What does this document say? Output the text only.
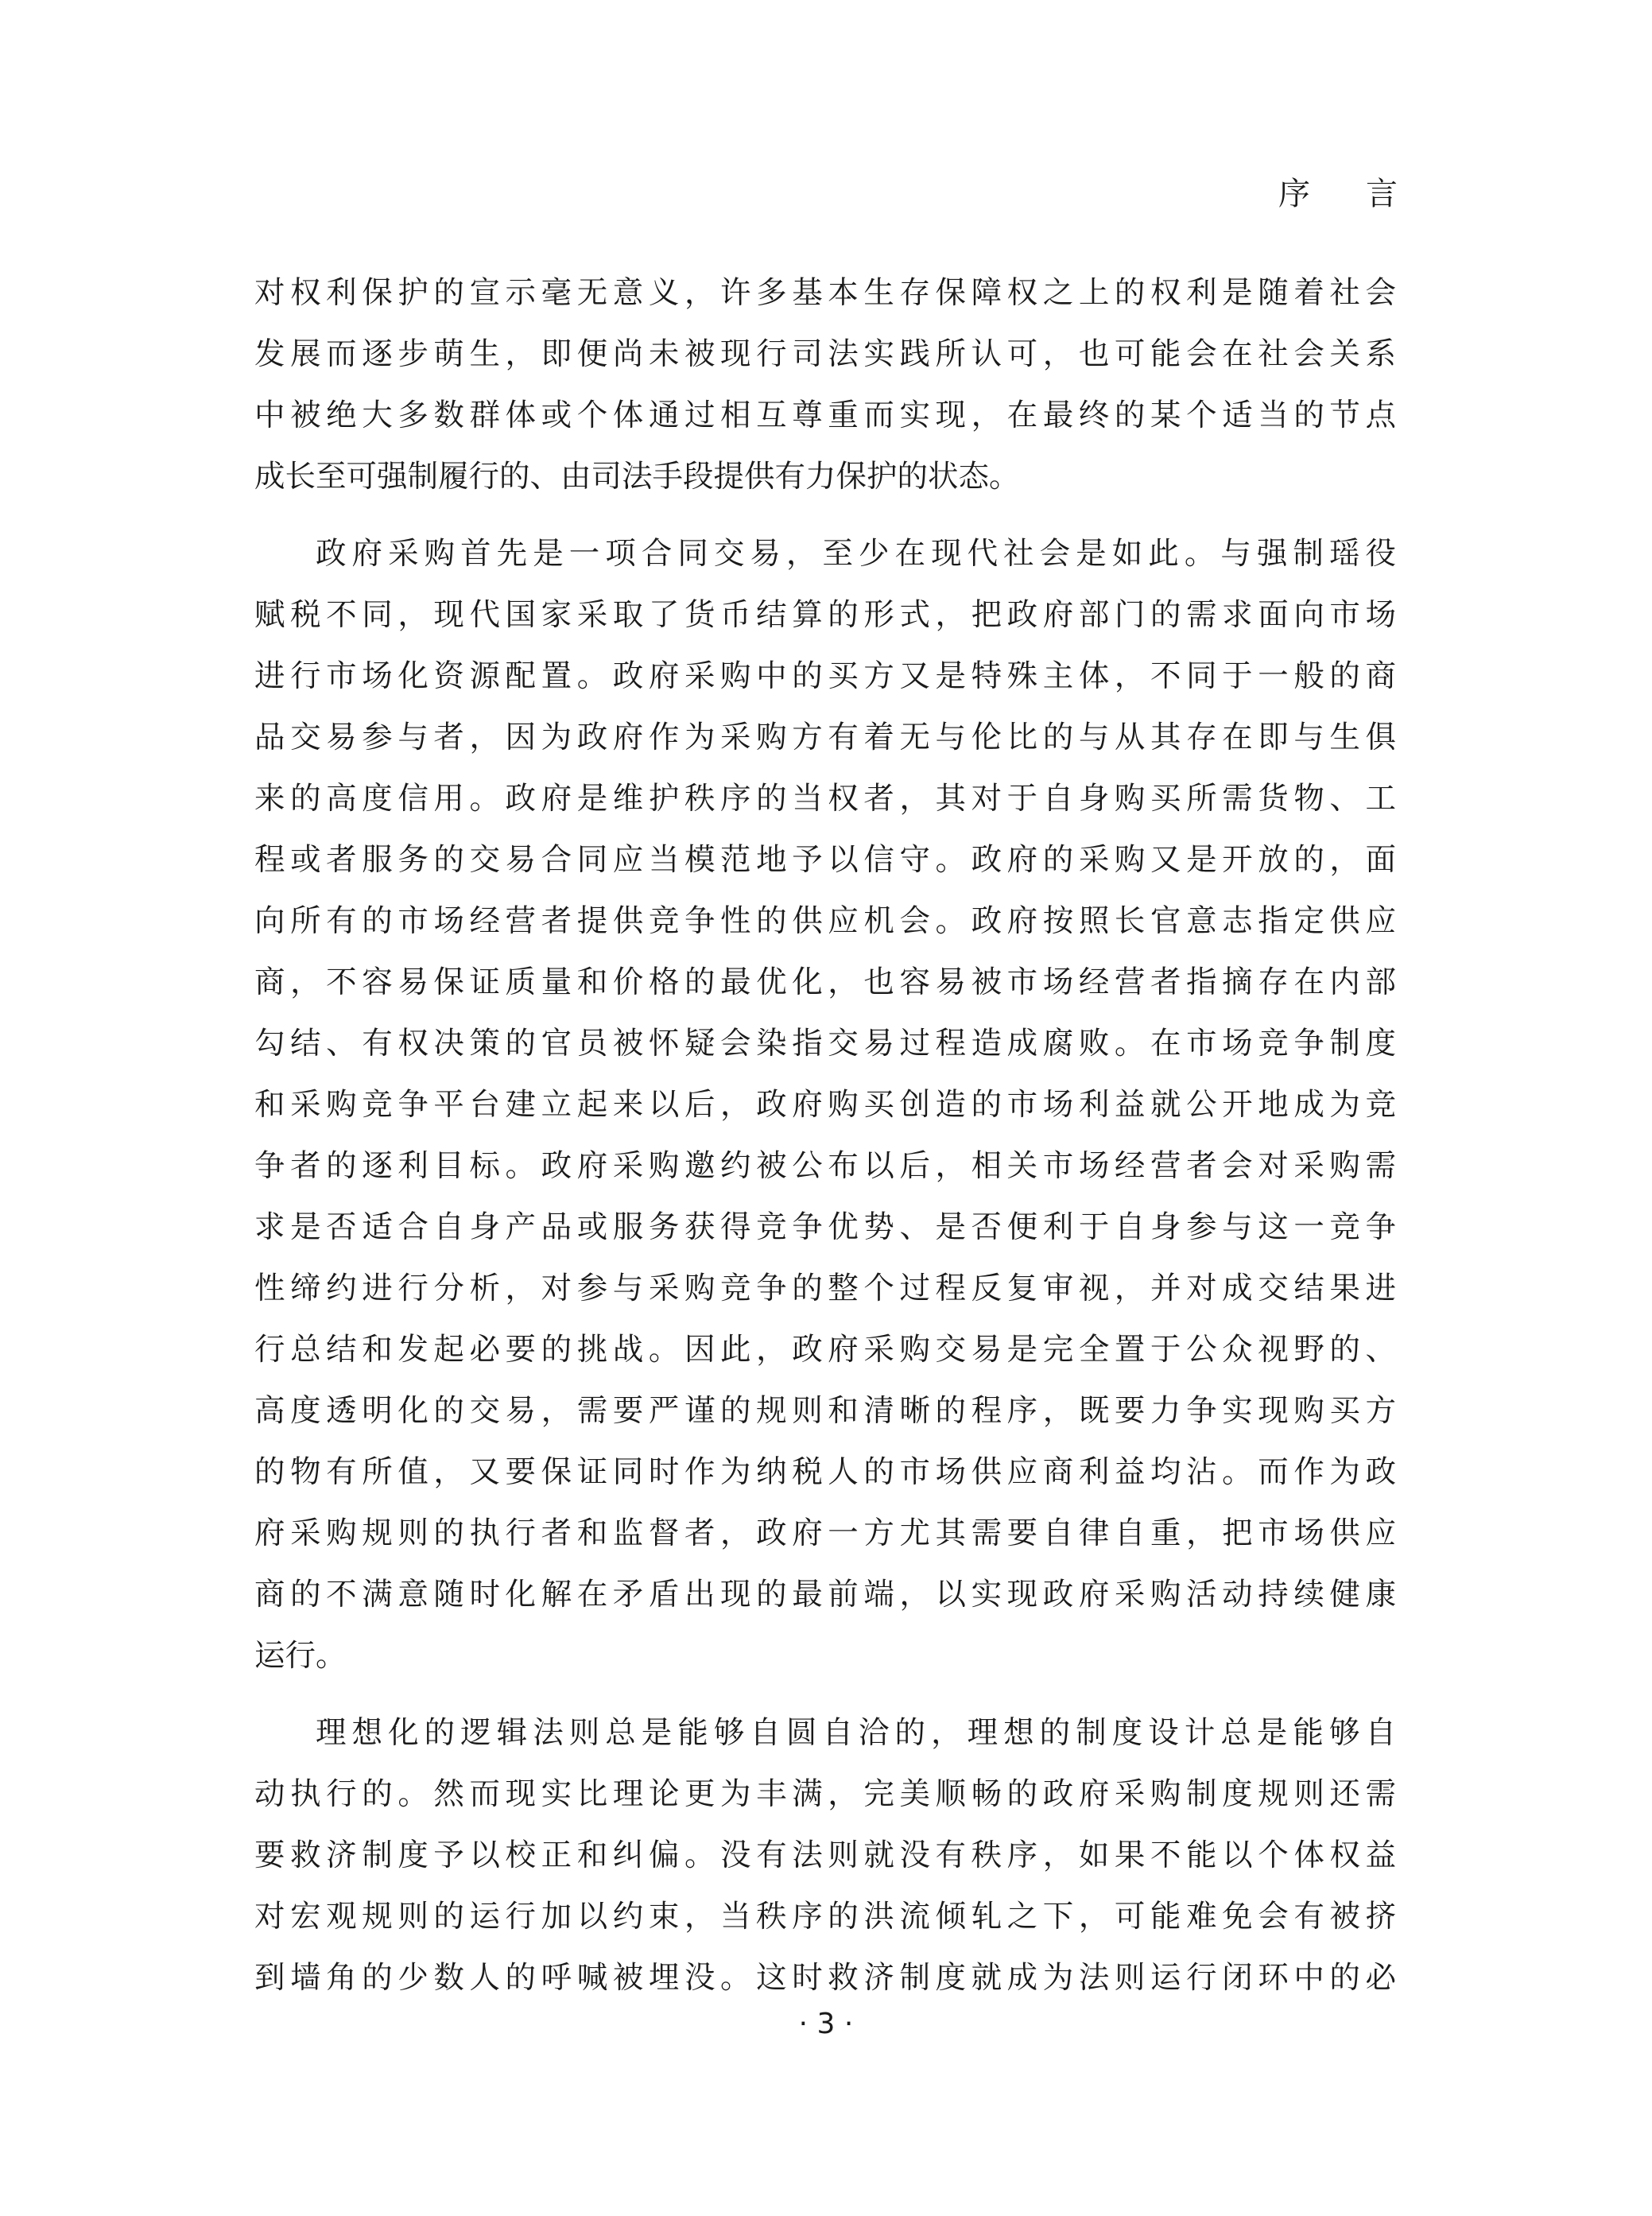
序 言
对权利保护的宣示毫无意义，许多基本生存保障权之上的权利是随着社会
发展而逐步萌生，即便尚未被现行司法实践所认可，也可能会在社会关系
中被绝大多数群体或个体通过相互尊重而实现，在最终的某个适当的节点
成长至可强制履行的、由司法手段提供有力保护的状态。
政府采购首先是一项合同交易，至少在现代社会是如此。与强制瑶役
赋税不同，现代国家采取了货币结算的形式，把政府部门的需求面向市场
进行市场化资源配置。政府采购中的买方又是特殊主体，不同于一般的商
品交易参与者，因为政府作为采购方有着无与伦比的与从其存在即与生俱
来的高度信用。政府是维护秩序的当权者，其对于自身购买所需货物、工
程或者服务的交易合同应当模范地予以信守。政府的采购又是开放的，面
向所有的市场经营者提供竞争性的供应机会。政府按照长官意志指定供应
商，不容易保证质量和价格的最优化，也容易被市场经营者指摘存在内部
勾结、有权决策的官员被怀疑会染指交易过程造成腐败。在市场竞争制度
和采购竞争平台建立起来以后，政府购买创造的市场利益就公开地成为竞
争者的逐利目标。政府采购邀约被公布以后，相关市场经营者会对采购需
求是否适合自身产品或服务获得竞争优势、是否便利于自身参与这一竞争
性缔约进行分析，对参与采购竞争的整个过程反复审视，并对成交结果进
行总结和发起必要的挑战。因此，政府采购交易是完全置于公众视野的、
高度透明化的交易，需要严谨的规则和清晰的程序，既要力争实现购买方
的物有所值，又要保证同时作为纳税人的市场供应商利益均沾。而作为政
府采购规则的执行者和监督者，政府一方尤其需要自律自重，把市场供应
商的不满意随时化解在矛盾出现的最前端，以实现政府采购活动持续健康
运行。
理想化的逻辑法则总是能够自圆自洽的，理想的制度设计总是能够自
动执行的。然而现实比理论更为丰满，完美顺畅的政府采购制度规则还需
要救济制度予以校正和纠偏。没有法则就没有秩序，如果不能以个体权益
对宏观规则的运行加以约束，当秩序的洪流倾轧之下，可能难免会有被挤
到墙角的少数人的呼喊被埋没。这时救济制度就成为法则运行闭环中的必
· 3 ·
